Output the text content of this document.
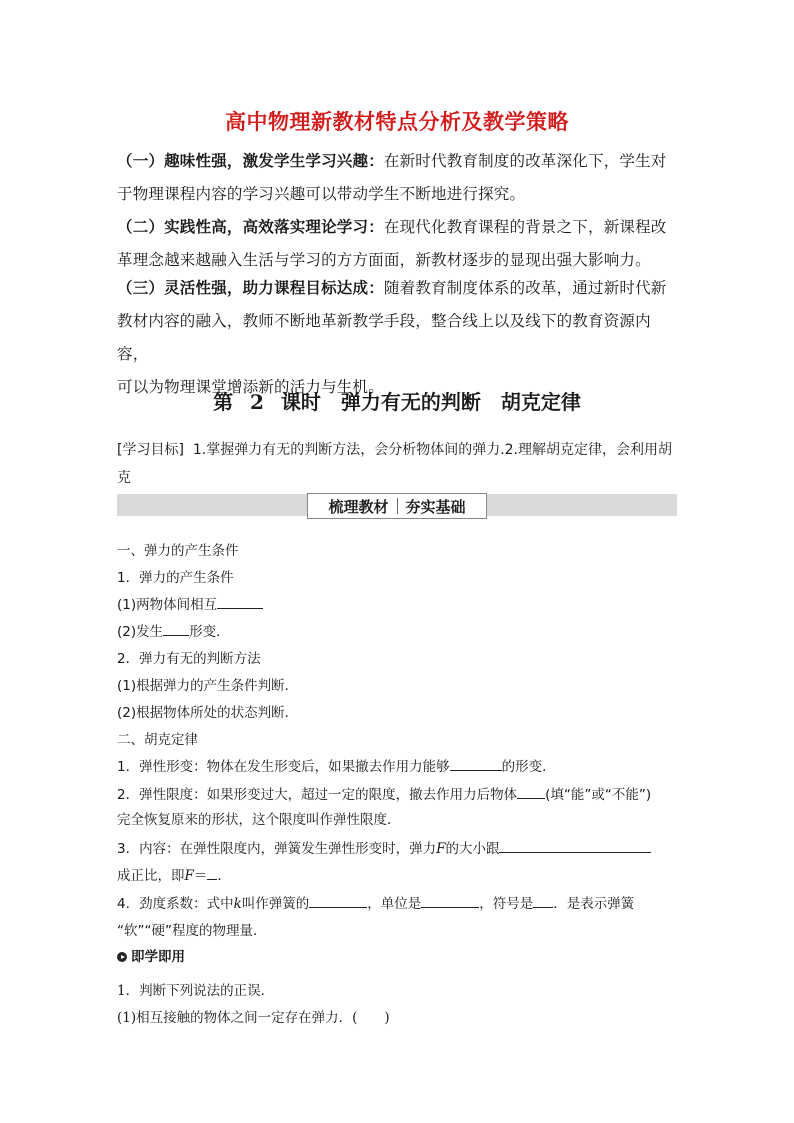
高中物理新教材特点分析及教学策略
（一）趣味性强，激发学生学习兴趣：在新时代教育制度的改革深化下，学生对
于物理课程内容的学习兴趣可以带动学生不断地进行探究。
（二）实践性高，高效落实理论学习：在现代化教育课程的背景之下，新课程改
革理念越来越融入生活与学习的方方面面，新教材逐步的显现出强大影响力。
（三）灵活性强，助力课程目标达成：随着教育制度体系的改革，通过新时代新
教材内容的融入，教师不断地革新教学手段，整合线上以及线下的教育资源内容，
可以为物理课堂增添新的活力与生机。
第 2 课时　弹力有无的判断　胡克定律
[学习目标] 1.掌握弹力有无的判断方法，会分析物体间的弹力.2.理解胡克定律，会利用胡克

梳理教材 夯实基础
一、弹力的产生条件
1．弹力的产生条件
(1)两物体间相互
(2)发生 形变．
2．弹力有无的判断方法
(1)根据弹力的产生条件判断．
(2)根据物体所处的状态判断．
二、胡克定律
1．弹性形变：物体在发生形变后，如果撤去作用力能够	的形变．
2．弹性限度：如果形变过大，超过一定的限度，撤去作用力后物体 (填“能”或“不能”)
完全恢复原来的形状，这个限度叫作弹性限度．
3．内容：在弹性限度内，弹簧发生弹性形变时，弹力F的大小跟
成正比，即F＝ ．
4．劲度系数：式中k叫作弹簧的	，单位是	，符号是 ．是表示弹簧
“软”“硬”程度的物理量．
即学即用
1．判断下列说法的正误．
(1)相互接触的物体之间一定存在弹力．(　　)
